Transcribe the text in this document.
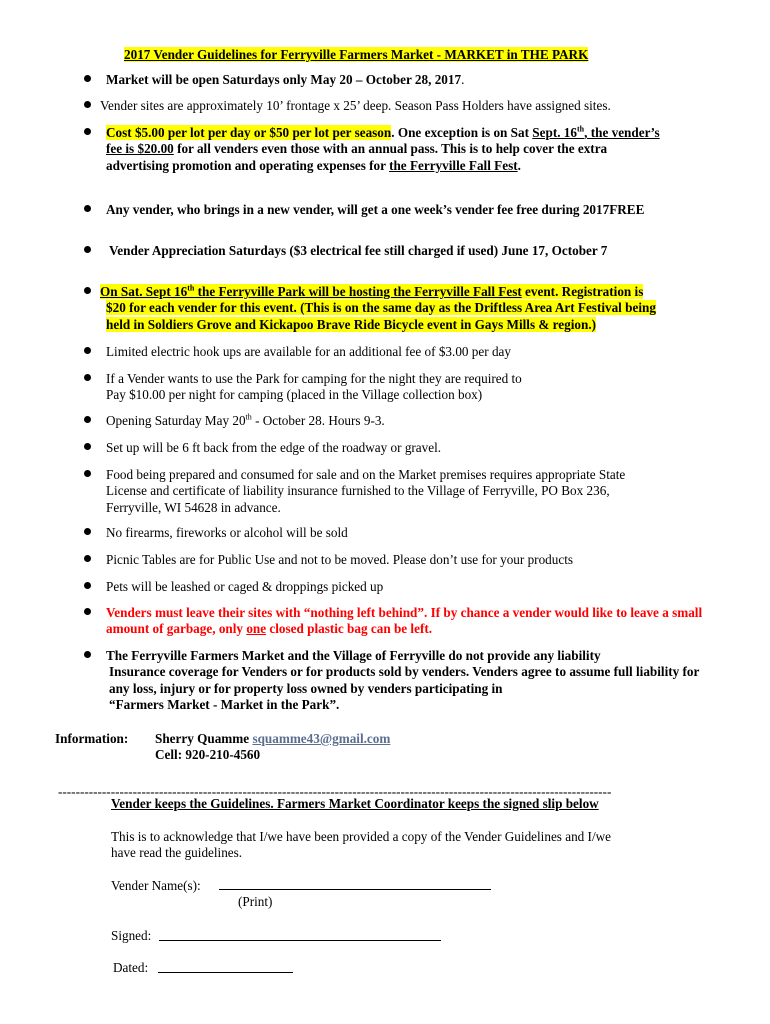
2017 Vender Guidelines for Ferryville Farmers Market - MARKET in THE PARK
Market will be open Saturdays only May 20 – October 28, 2017.
Vender sites are approximately 10’ frontage x 25’ deep. Season Pass Holders have assigned sites.
Cost $5.00 per lot per day or $50 per lot per season. One exception is on Sat Sept. 16th, the vender’s
fee is $20.00 for all venders even those with an annual pass. This is to help cover the extra
advertising promotion and operating expenses for the Ferryville Fall Fest.
Any vender, who brings in a new vender, will get a one week’s vender fee free during 2017FREE
Vender Appreciation Saturdays ($3 electrical fee still charged if used) June 17, October 7
On Sat. Sept 16th the Ferryville Park will be hosting the Ferryville Fall Fest event. Registration is
$20 for each vender for this event. (This is on the same day as the Driftless Area Art Festival being
held in Soldiers Grove and Kickapoo Brave Ride Bicycle event in Gays Mills & region.)
Limited electric hook ups are available for an additional fee of $3.00 per day
If a Vender wants to use the Park for camping for the night they are required to
Pay $10.00 per night for camping (placed in the Village collection box)
Opening Saturday May 20th - October 28. Hours 9-3.
Set up will be 6 ft back from the edge of the roadway or gravel.
Food being prepared and consumed for sale and on the Market premises requires appropriate State
License and certificate of liability insurance furnished to the Village of Ferryville, PO Box 236,
Ferryville, WI 54628 in advance.
No firearms, fireworks or alcohol will be sold
Picnic Tables are for Public Use and not to be moved. Please don’t use for your products
Pets will be leashed or caged & droppings picked up
Venders must leave their sites with “nothing left behind”. If by chance a vender would like to leave a small
amount of garbage, only one closed plastic bag can be left.
The Ferryville Farmers Market and the Village of Ferryville do not provide any liability
Insurance coverage for Venders or for products sold by venders. Venders agree to assume full liability for
any loss, injury or for property loss owned by venders participating in
“Farmers Market - Market in the Park”.
Information: Sherry Quamme squamme43@gmail.com
Cell: 920-210-4560
------------------------------------------------------------------------------------------------------------------------------
Vender keeps the Guidelines. Farmers Market Coordinator keeps the signed slip below
This is to acknowledge that I/we have been provided a copy of the Vender Guidelines and I/we
have read the guidelines.
Vender Name(s):
(Print)
Signed:
Dated:
